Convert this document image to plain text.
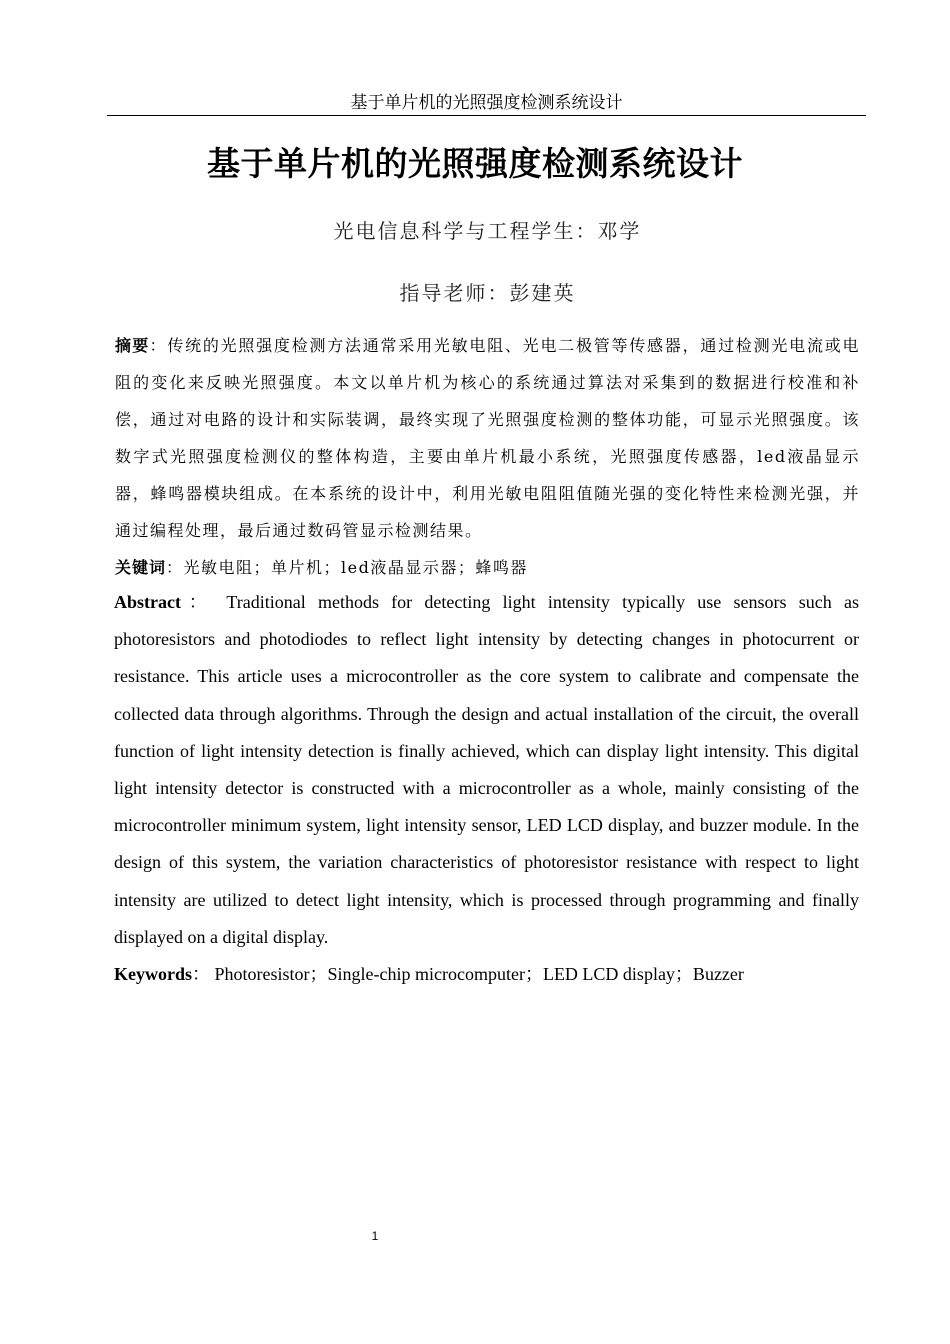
基于单片机的光照强度检测系统设计
基于单片机的光照强度检测系统设计
光电信息科学与工程学生：邓学
指导老师：彭建英

摘要：传统的光照强度检测方法通常采用光敏电阻、光电二极管等传感器，通过检测光电流或电阻的变化来反映光照强度。本文以单片机为核心的系统通过算法对采集到的数据进行校准和补偿，通过对电路的设计和实际装调，最终实现了光照强度检测的整体功能，可显示光照强度。该数字式光照强度检测仪的整体构造，主要由单片机最小系统，光照强度传感器，led液晶显示器，蜂鸣器模块组成。在本系统的设计中，利用光敏电阻阻值随光强的变化特性来检测光强，并通过编程处理，最后通过数码管显示检测结果。

关键词：光敏电阻；单片机；led液晶显示器；蜂鸣器

Abstract： Traditional methods for detecting light intensity typically use sensors such as photoresistors and photodiodes to reflect light intensity by detecting changes in photocurrent or resistance. This article uses a microcontroller as the core system to calibrate and compensate the collected data through algorithms. Through the design and actual installation of the circuit, the overall function of light intensity detection is finally achieved, which can display light intensity. This digital light intensity detector is constructed with a microcontroller as a whole, mainly consisting of the microcontroller minimum system, light intensity sensor, LED LCD display, and buzzer module. In the design of this system, the variation characteristics of photoresistor resistance with respect to light intensity are utilized to detect light intensity, which is processed through programming and finally displayed on a digital display.

Keywords： Photoresistor；Single-chip microcomputer；LED LCD display；Buzzer

1
